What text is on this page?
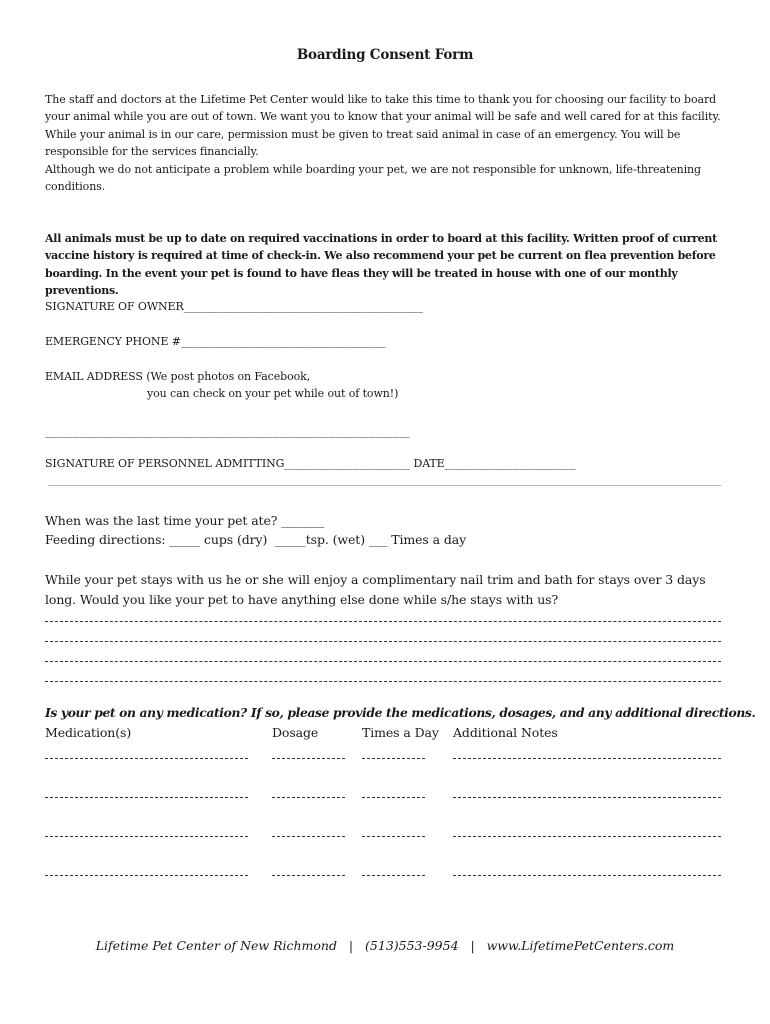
Boarding Consent Form

The staff and doctors at the Lifetime Pet Center would like to take this time to thank you for choosing our facility to board your animal while you are out of town. We want you to know that your animal will be safe and well cared for at this facility.

While your animal is in our care, permission must be given to treat said animal in case of an emergency. You will be responsible for the services financially.

Although we do not anticipate a problem while boarding your pet, we are not responsible for unknown, life-threatening conditions.

All animals must be up to date on required vaccinations in order to board at this facility. Written proof of current vaccine history is required at time of check-in. We also recommend your pet be current on flea prevention before boarding. In the event your pet is found to have fleas they will be treated in house with one of our monthly preventions.
SIGNATURE OF OWNER__________________________________________
EMERGENCY PHONE #____________________________________
EMAIL ADDRESS (We post photos on Facebook,
you can check on your pet while out of town!)
________________________________________________________________
SIGNATURE OF PERSONNEL ADMITTING______________________ DATE_______________________
When was the last time your pet ate? _______
Feeding directions: _____ cups (dry)  _____tsp. (wet) ___ Times a day
While your pet stays with us he or she will enjoy a complimentary nail trim and bath for stays over 3 days long. Would you like your pet to have anything else done while s/he stays with us?
Is your pet on any medication? If so, please provide the medications, dosages, and any additional directions.
Medication(s)	Dosage	Times a Day Additional Notes
Lifetime Pet Center of New Richmond | (513)553-9954 | www.LifetimePetCenters.com
